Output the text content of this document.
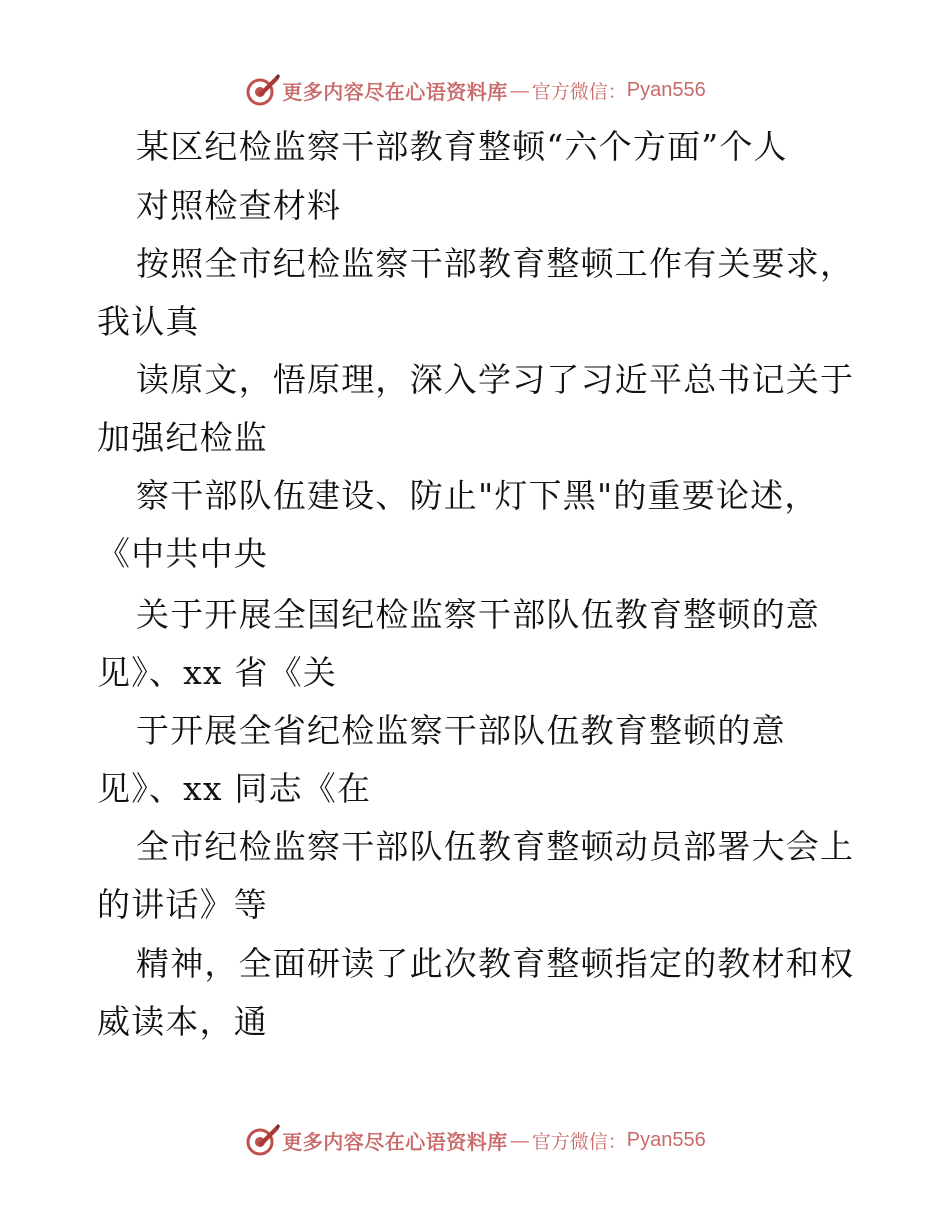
更多内容尽在心语资料库 — 官方微信： Pyan556
某区纪检监察干部教育整顿“六个方面”个人
对照检查材料
按照全市纪检监察干部教育整顿工作有关要求，
我认真
读原文，悟原理，深入学习了习近平总书记关于
加强纪检监
察干部队伍建设、防止"灯下黑"的重要论述，
《中共中央
关于开展全国纪检监察干部队伍教育整顿的意
见》、xx 省《关
于开展全省纪检监察干部队伍教育整顿的意
见》、xx 同志《在
全市纪检监察干部队伍教育整顿动员部署大会上
的讲话》等
精神，全面研读了此次教育整顿指定的教材和权
威读本，通
更多内容尽在心语资料库 — 官方微信： Pyan556
